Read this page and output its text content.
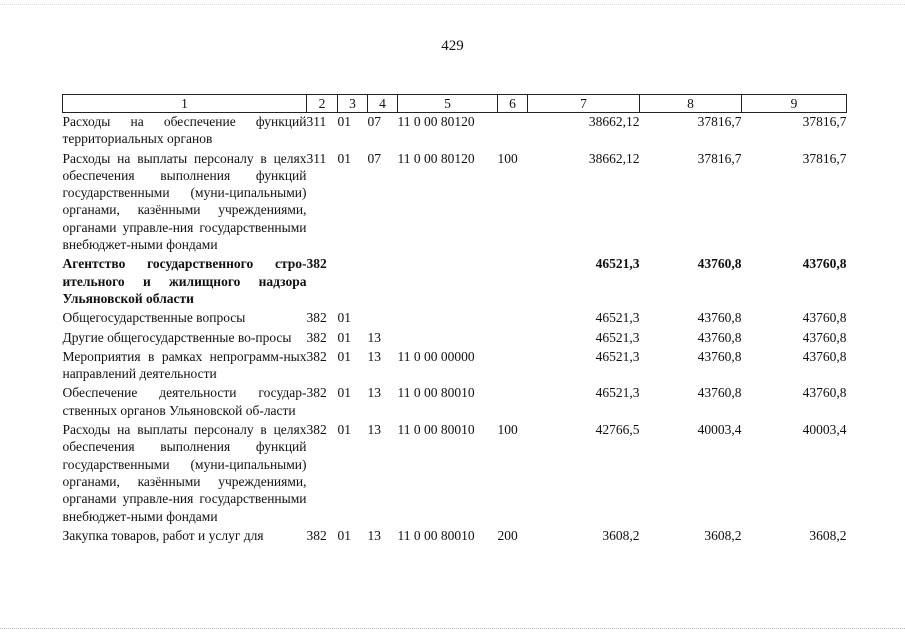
429
1	2	3	4	5	6	7	8	9
Расходы на обеспечение функций территориальных органов	311	01	07	11 0 00 80120		38662,12	37816,7	37816,7
Расходы на выплаты персоналу в целях обеспечения выполнения функций государственными (муни-ципальными) органами, казёнными учреждениями, органами управле-ния государственными внебюджет-ными фондами	311	01	07	11 0 00 80120	100	38662,12	37816,7	37816,7
Агентство государственного стро-ительного и жилищного надзора Ульяновской области	382					46521,3	43760,8	43760,8
Общегосударственные вопросы	382	01				46521,3	43760,8	43760,8
Другие общегосударственные во-просы	382	01	13			46521,3	43760,8	43760,8
Мероприятия в рамках непрограмм-ных направлений деятельности	382	01	13	11 0 00 00000		46521,3	43760,8	43760,8
Обеспечение деятельности государ-ственных органов Ульяновской об-ласти	382	01	13	11 0 00 80010		46521,3	43760,8	43760,8
Расходы на выплаты персоналу в целях обеспечения выполнения функций государственными (муни-ципальными) органами, казёнными учреждениями, органами управле-ния государственными внебюджет-ными фондами	382	01	13	11 0 00 80010	100	42766,5	40003,4	40003,4
Закупка товаров, работ и услуг для	382	01	13	11 0 00 80010	200	3608,2	3608,2	3608,2
